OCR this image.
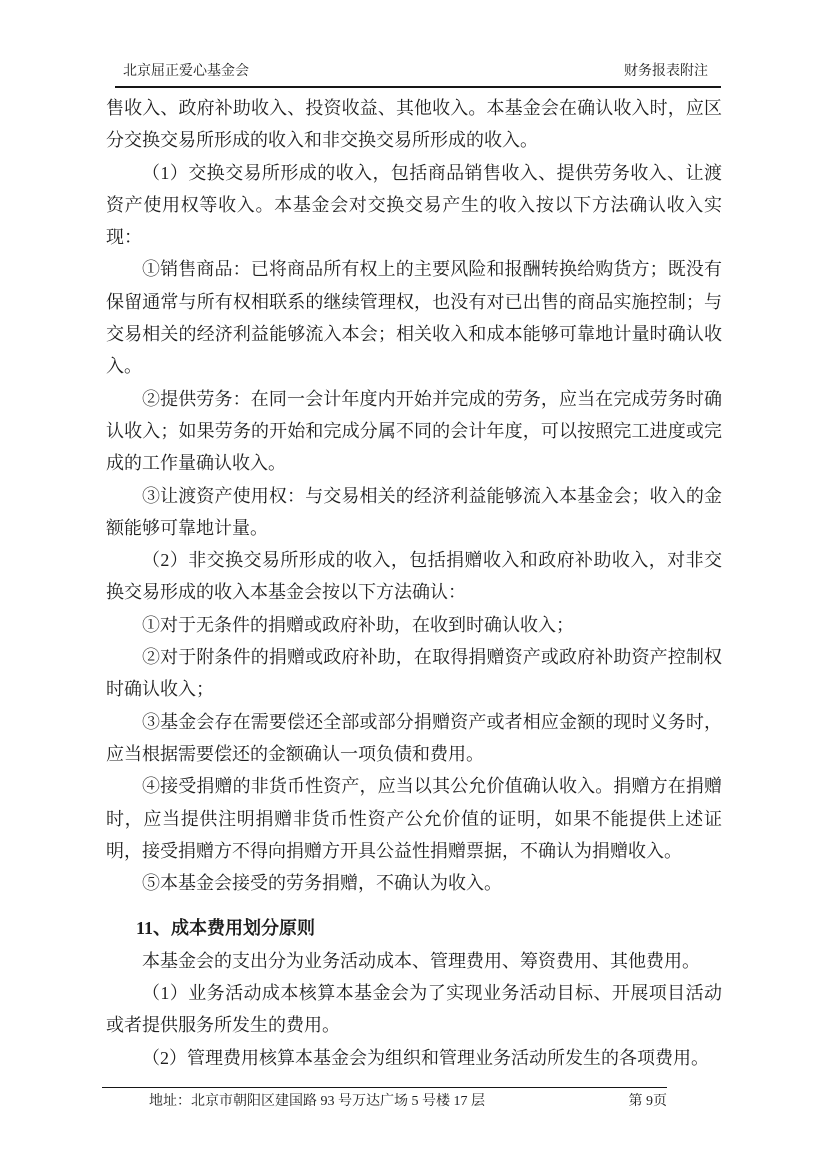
北京屈正爱心基金会	财务报表附注

售收入、政府补助收入、投资收益、其他收入。本基金会在确认收入时，应区分交换交易所形成的收入和非交换交易所形成的收入。

（1）交换交易所形成的收入，包括商品销售收入、提供劳务收入、让渡资产使用权等收入。本基金会对交换交易产生的收入按以下方法确认收入实现：

①销售商品：已将商品所有权上的主要风险和报酬转换给购货方；既没有保留通常与所有权相联系的继续管理权，也没有对已出售的商品实施控制；与交易相关的经济利益能够流入本会；相关收入和成本能够可靠地计量时确认收入。

②提供劳务：在同一会计年度内开始并完成的劳务，应当在完成劳务时确认收入；如果劳务的开始和完成分属不同的会计年度，可以按照完工进度或完成的工作量确认收入。

③让渡资产使用权：与交易相关的经济利益能够流入本基金会；收入的金额能够可靠地计量。

（2）非交换交易所形成的收入，包括捐赠收入和政府补助收入，对非交换交易形成的收入本基金会按以下方法确认：

①对于无条件的捐赠或政府补助，在收到时确认收入；

②对于附条件的捐赠或政府补助，在取得捐赠资产或政府补助资产控制权时确认收入；

③基金会存在需要偿还全部或部分捐赠资产或者相应金额的现时义务时，应当根据需要偿还的金额确认一项负债和费用。

④接受捐赠的非货币性资产，应当以其公允价值确认收入。捐赠方在捐赠时，应当提供注明捐赠非货币性资产公允价值的证明，如果不能提供上述证明，接受捐赠方不得向捐赠方开具公益性捐赠票据，不确认为捐赠收入。

⑤本基金会接受的劳务捐赠，不确认为收入。

11、成本费用划分原则

本基金会的支出分为业务活动成本、管理费用、筹资费用、其他费用。

（1）业务活动成本核算本基金会为了实现业务活动目标、开展项目活动或者提供服务所发生的费用。

（2）管理费用核算本基金会为组织和管理业务活动所发生的各项费用。

地址：北京市朝阳区建国路 93 号万达广场 5 号楼 17 层	第 9页
